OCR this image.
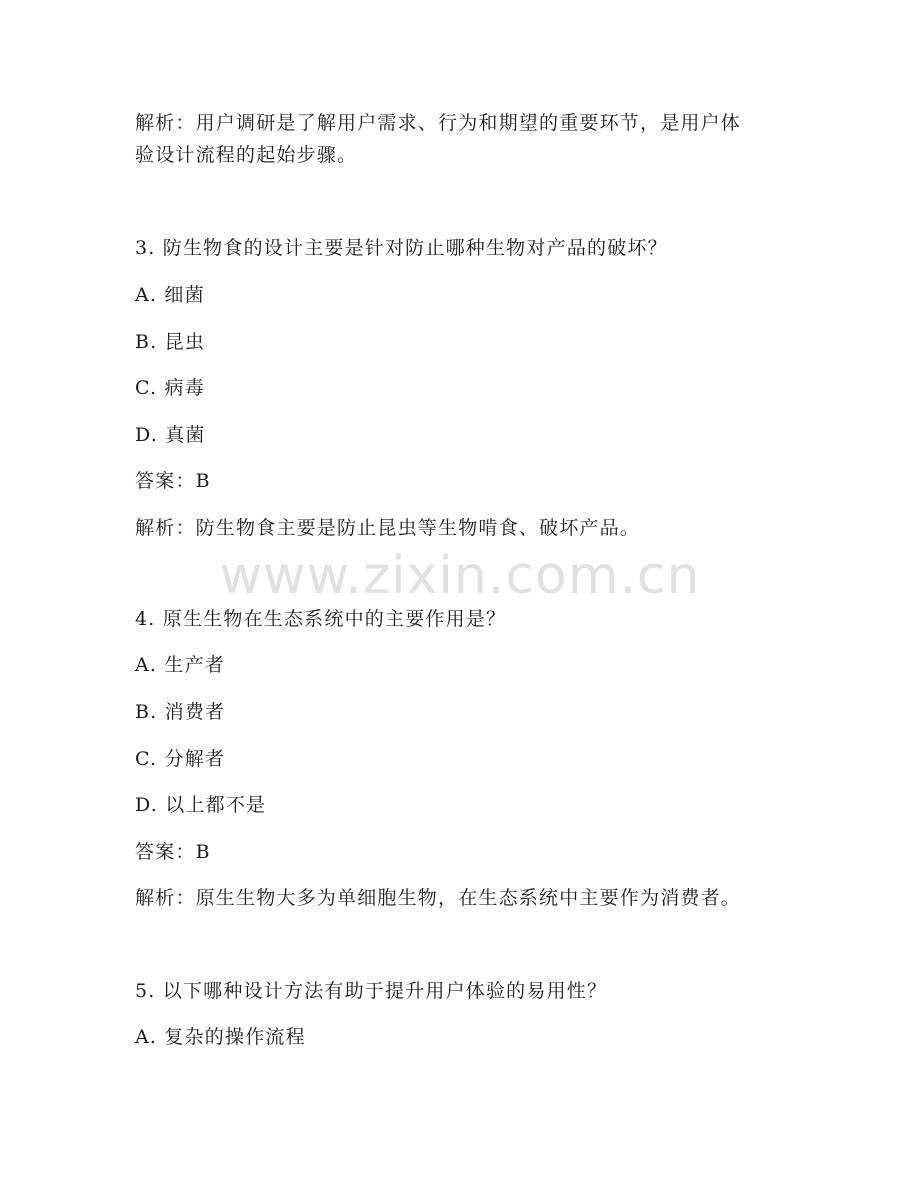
解析：用户调研是了解用户需求、行为和期望的重要环节，是用户体
验设计流程的起始步骤。
3. 防生物食的设计主要是针对防止哪种生物对产品的破坏？
A. 细菌
B. 昆虫
C. 病毒
D. 真菌
答案：B
解析：防生物食主要是防止昆虫等生物啃食、破坏产品。
www.zixin.com.cn
4. 原生生物在生态系统中的主要作用是？
A. 生产者
B. 消费者
C. 分解者
D. 以上都不是
答案：B
解析：原生生物大多为单细胞生物，在生态系统中主要作为消费者。
5. 以下哪种设计方法有助于提升用户体验的易用性？
A. 复杂的操作流程
